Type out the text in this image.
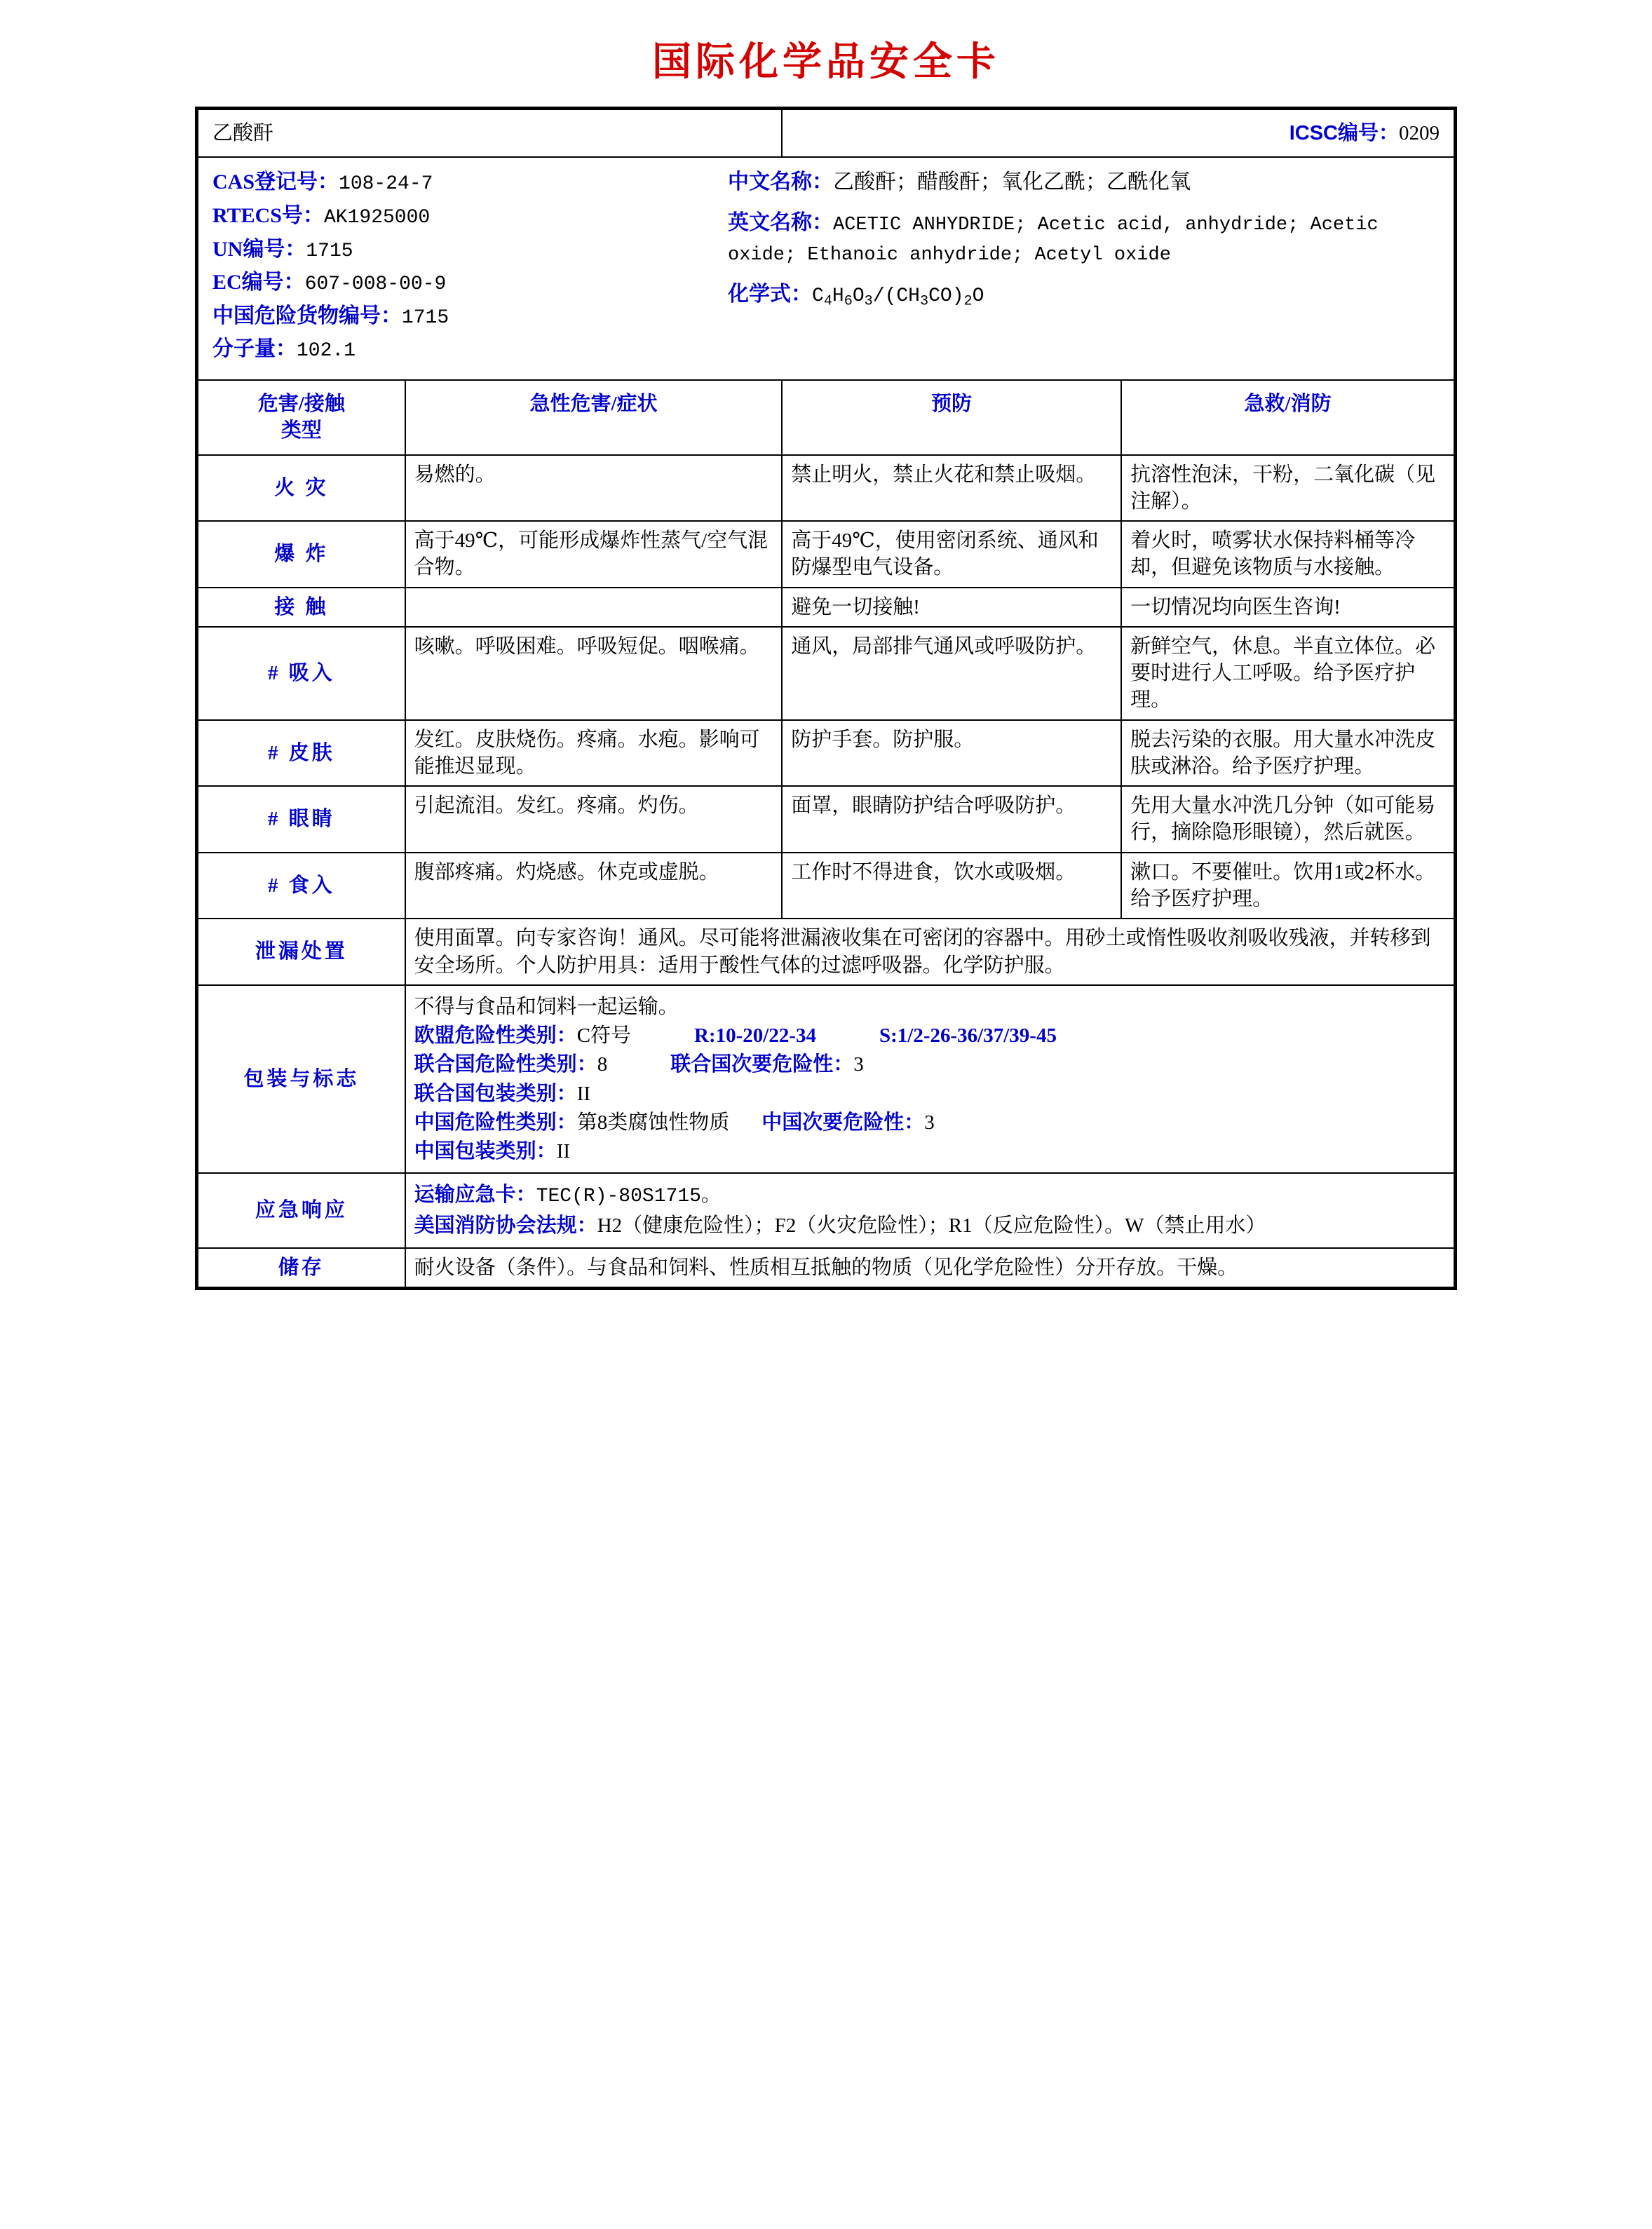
国际化学品安全卡
乙酸酐		ICSC编号：0209	

CAS登记号：108-24-7
RTECS号：AK1925000
UN编号：1715
EC编号：607-008-00-9
中国危险货物编号：1715
分子量：102.1
中文名称：乙酸酐；醋酸酐；氧化乙酰；乙酰化氧
英文名称：ACETIC ANHYDRIDE; Acetic acid, anhydride; Acetic oxide; Ethanoic anhydride; Acetyl oxide
化学式：$C_4H_6O_3/(CH_3CO)_2O$

危害/接触
类型	急性危害/症状	预防	急救/消防
火 灾	易燃的。	禁止明火，禁止火花和禁止吸烟。	抗溶性泡沫，干粉，二氧化碳（见注解）。
爆 炸	高于49℃，可能形成爆炸性蒸气/空气混合物。	高于49℃，使用密闭系统、通风和防爆型电气设备。	着火时，喷雾状水保持料桶等冷却，但避免该物质与水接触。
接 触		避免一切接触!	一切情况均向医生咨询!
# 吸入	咳嗽。呼吸困难。呼吸短促。咽喉痛。	通风，局部排气通风或呼吸防护。	新鲜空气，休息。半直立体位。必要时进行人工呼吸。给予医疗护理。
# 皮肤	发红。皮肤烧伤。疼痛。水疱。影响可能推迟显现。	防护手套。防护服。	脱去污染的衣服。用大量水冲洗皮肤或淋浴。给予医疗护理。
# 眼睛	引起流泪。发红。疼痛。灼伤。	面罩，眼睛防护结合呼吸防护。	先用大量水冲洗几分钟（如可能易行，摘除隐形眼镜），然后就医。
# 食入	腹部疼痛。灼烧感。休克或虚脱。	工作时不得进食，饮水或吸烟。	漱口。不要催吐。饮用1或2杯水。给予医疗护理。
泄漏处置	使用面罩。向专家咨询！通风。尽可能将泄漏液收集在可密闭的容器中。用砂土或惰性吸收剂吸收残液，并转移到安全场所。个人防护用具：适用于酸性气体的过滤呼吸器。化学防护服。		
包装与标志	
不得与食品和饲料一起运输。
欧盟危险性类别：C符号	R:10-20/22-34	S:1/2-26-36/37/39-45
联合国危险性类别：8	联合国次要危险性：3
联合国包装类别：II
中国危险性类别：第8类腐蚀性物质 中国次要危险性：3
中国包装类别：II

应急响应	运输应急卡：TEC(R)-80S1715。
美国消防协会法规：H2（健康危险性）；F2（火灾危险性）；R1（反应危险性）。W（禁止用水）		

储存	耐火设备（条件）。与食品和饲料、性质相互抵触的物质（见化学危险性）分开存放。干燥。		
